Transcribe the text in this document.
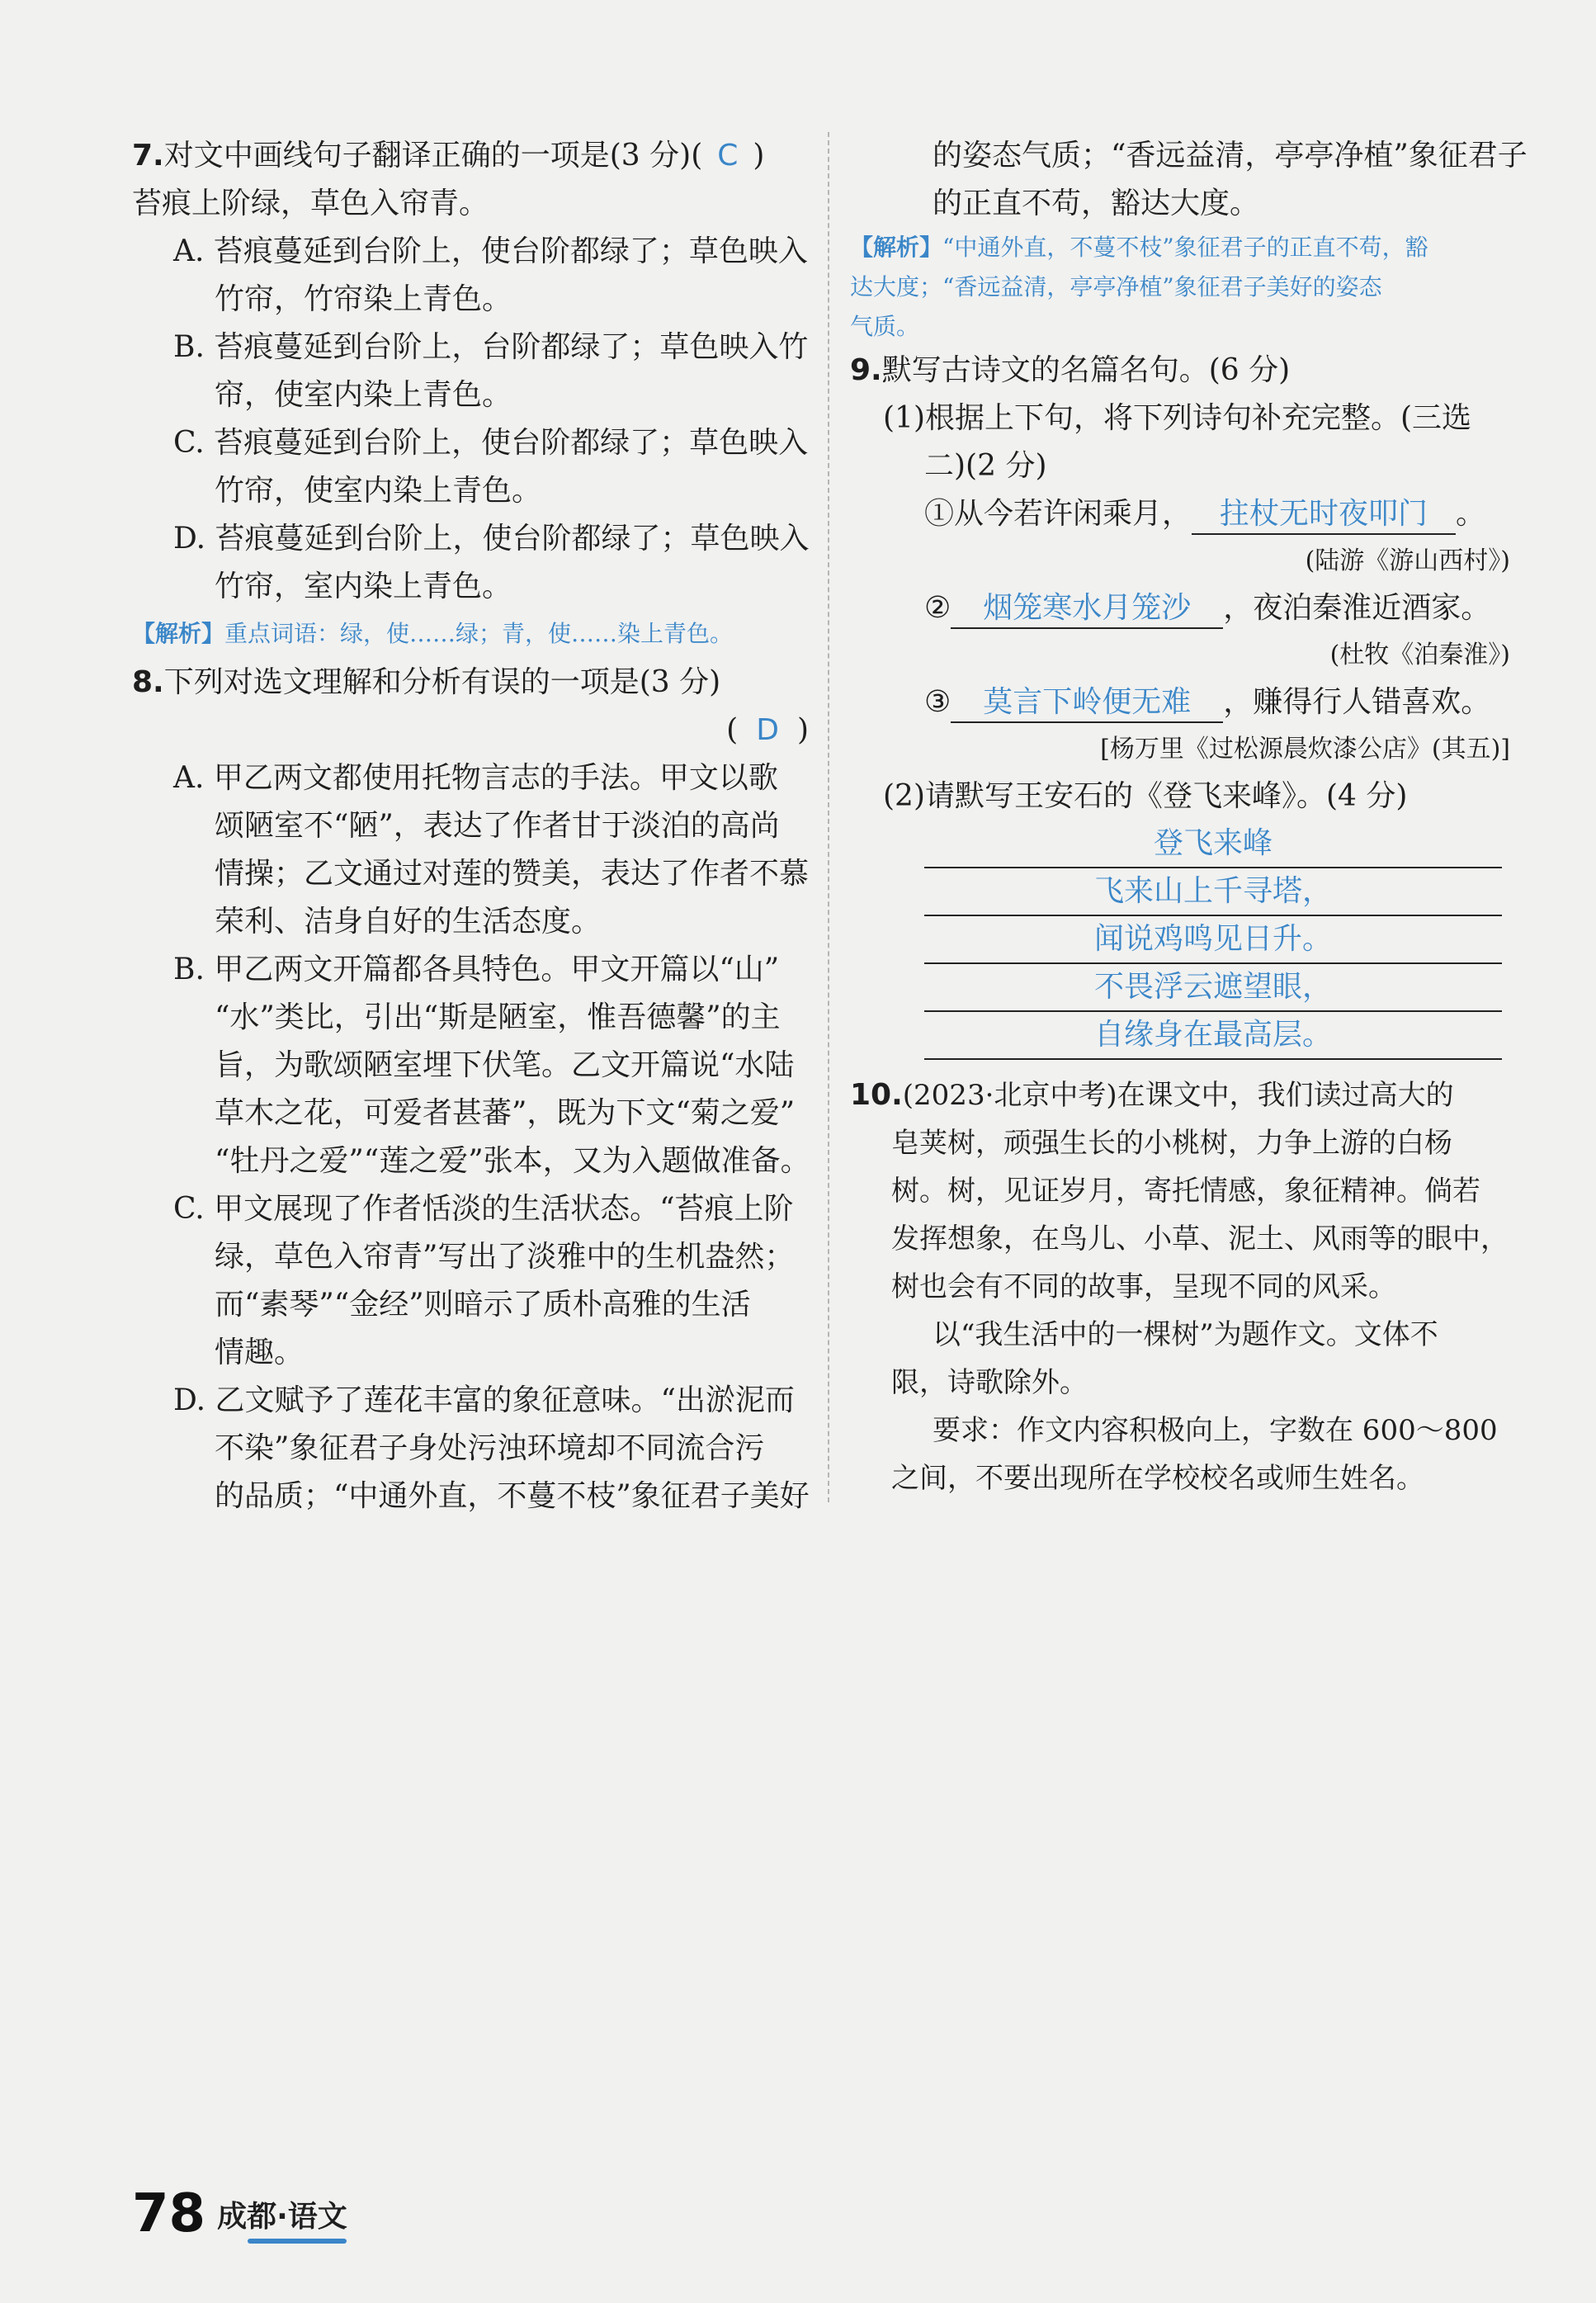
7.对文中画线句子翻译正确的一项是(3 分)( C )
苔痕上阶绿，草色入帘青。
A. 苔痕蔓延到台阶上，使台阶都绿了；草色映入
竹帘，竹帘染上青色。
B. 苔痕蔓延到台阶上，台阶都绿了；草色映入竹
帘，使室内染上青色。
C. 苔痕蔓延到台阶上，使台阶都绿了；草色映入
竹帘，使室内染上青色。
D. 苔痕蔓延到台阶上，使台阶都绿了；草色映入
竹帘，室内染上青色。
【解析】重点词语：绿，使……绿；青，使……染上青色。
8.下列对选文理解和分析有误的一项是(3 分)
( D )
A. 甲乙两文都使用托物言志的手法。甲文以歌
颂陋室不“陋”，表达了作者甘于淡泊的高尚
情操；乙文通过对莲的赞美，表达了作者不慕
荣利、洁身自好的生活态度。
B. 甲乙两文开篇都各具特色。甲文开篇以“山”
“水”类比，引出“斯是陋室，惟吾德馨”的主
旨，为歌颂陋室埋下伏笔。乙文开篇说“水陆
草木之花，可爱者甚蕃”，既为下文“菊之爱”
“牡丹之爱”“莲之爱”张本，又为入题做准备。
C. 甲文展现了作者恬淡的生活状态。“苔痕上阶
绿，草色入帘青”写出了淡雅中的生机盎然；
而“素琴”“金经”则暗示了质朴高雅的生活
情趣。
D. 乙文赋予了莲花丰富的象征意味。“出淤泥而
不染”象征君子身处污浊环境却不同流合污
的品质；“中通外直，不蔓不枝”象征君子美好
的姿态气质；“香远益清，亭亭净植”象征君子
的正直不苟，豁达大度。
【解析】“中通外直，不蔓不枝”象征君子的正直不苟，豁
达大度；“香远益清，亭亭净植”象征君子美好的姿态
气质。
9.默写古诗文的名篇名句。(6 分)
(1)根据上下句，将下列诗句补充完整。(三选
二)(2 分)
①从今若许闲乘月， 拄杖无时夜叩门 。
(陆游《游山西村》)
② 烟笼寒水月笼沙 ，夜泊秦淮近酒家。
(杜牧《泊秦淮》)
③ 莫言下岭便无难 ，赚得行人错喜欢。
[杨万里《过松源晨炊漆公店》(其五)]
(2)请默写王安石的《登飞来峰》。(4 分)
登飞来峰
飞来山上千寻塔，
闻说鸡鸣见日升。
不畏浮云遮望眼，
自缘身在最高层。
10.(2023·北京中考)在课文中，我们读过高大的
皂荚树，顽强生长的小桃树，力争上游的白杨
树。树，见证岁月，寄托情感，象征精神。倘若
发挥想象，在鸟儿、小草、泥土、风雨等的眼中，
树也会有不同的故事，呈现不同的风采。
以“我生活中的一棵树”为题作文。文体不
限，诗歌除外。
要求：作文内容积极向上，字数在 600～800
之间，不要出现所在学校校名或师生姓名。
78 成都·语文
